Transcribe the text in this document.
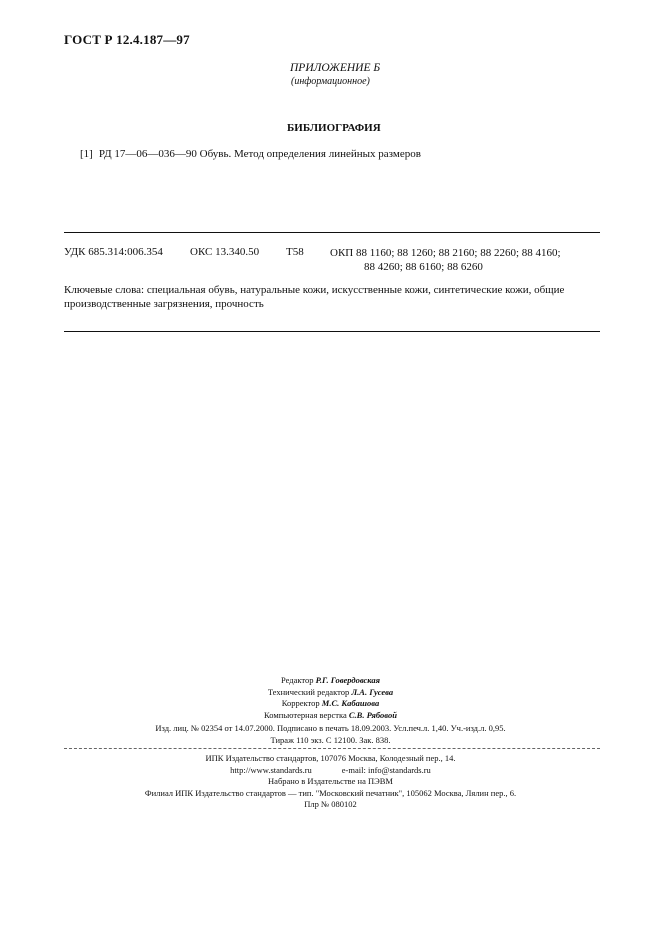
ГОСТ Р 12.4.187—97
ПРИЛОЖЕНИЕ Б
(информационное)
БИБЛИОГРАФИЯ
[1] РД 17—06—036—90 Обувь. Метод определения линейных размеров
УДК 685.314:006.354 ОКС 13.340.50 Т58 ОКП 88 1160; 88 1260; 88 2160; 88 2260; 88 4160;
88 4260; 88 6160; 88 6260
Ключевые слова: специальная обувь, натуральные кожи, искусственные кожи, синтетические кожи, общие производственные загрязнения, прочность
Редактор Р.Г. Говердовская
Технический редактор Л.А. Гусева
Корректор М.С. Кабашова
Компьютерная верстка С.В. Рябовой
Изд. лиц. № 02354 от 14.07.2000. Подписано в печать 18.09.2003. Усл.печ.л. 1,40. Уч.-изд.л. 0,95.
Тираж 110 экз. С 12100. Зак. 838.
ИПК Издательство стандартов, 107076 Москва, Колодезный пер., 14.
http://www.standards.ru	e-mail: info@standards.ru
Набрано в Издательстве на ПЭВМ
Филиал ИПК Издательство стандартов — тип. "Московский печатник", 105062 Москва, Лялин пер., 6.
Плр № 080102
